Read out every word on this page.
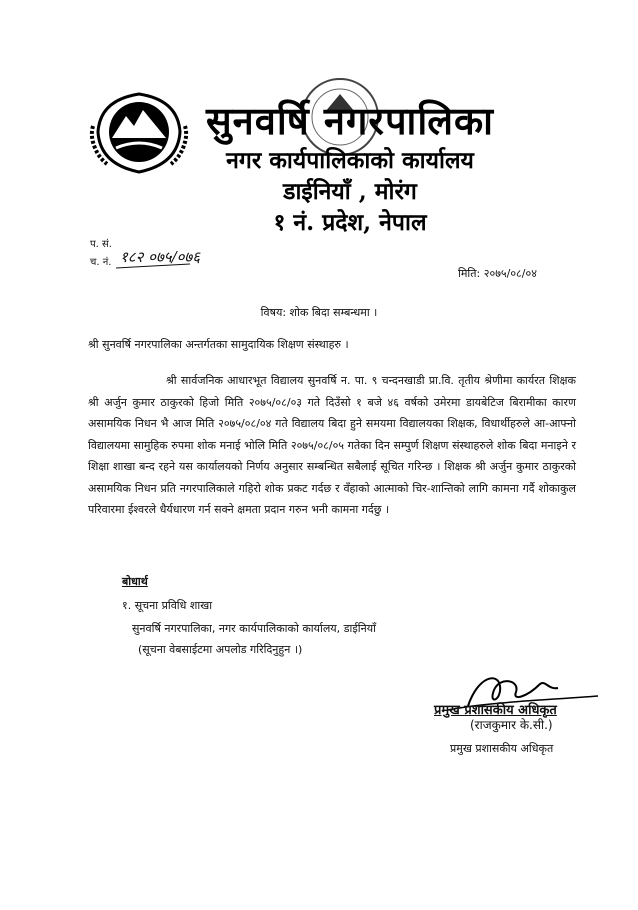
सुनवर्षि नगरपालिका
नगर कार्यपालिकाको कार्यालय
डाईनियाँ , मोरंग
१ नं. प्रदेश, नेपाल
प. सं.
च. नं. १८२ ०७५/०७६
मिति: २०७५/०८/०४
विषय: शोक बिदा सम्बन्धमा ।
श्री सुनवर्षि नगरपालिका अन्तर्गतका सामुदायिक शिक्षण संस्थाहरु ।
श्री सार्वजनिक आधारभूत विद्यालय सुनवर्षि न. पा. ९ चन्दनखाडी प्रा.वि. तृतीय श्रेणीमा कार्यरत शिक्षक श्री अर्जुन कुमार ठाकुरको हिजो मिति २०७५/०८/०३ गते दिउँसो १ बजे ४६ वर्षको उमेरमा डायबेटिज बिरामीका कारण असामयिक निधन भै आज मिति २०७५/०८/०४ गते विद्यालय बिदा हुने समयमा विद्यालयका शिक्षक, विधार्थीहरुले आ-आफ्नो विद्यालयमा सामुहिक रुपमा शोक मनाई भोलि मिति २०७५/०८/०५ गतेका दिन सम्पुर्ण शिक्षण संस्थाहरुले शोक बिदा मनाइने र शिक्षा शाखा बन्द रहने यस कार्यालयको निर्णय अनुसार सम्बन्धित सबैलाई सूचित गरिन्छ । शिक्षक श्री अर्जुन कुमार ठाकुरको असामयिक निधन प्रति नगरपालिकाले गहिरो शोक प्रकट गर्दछ र वँहाको आत्माको चिर-शान्तिको लागि कामना गर्दै शोकाकुल परिवारमा ईश्वरले धैर्यधारण गर्न सक्ने क्षमता प्रदान गरुन भनी कामना गर्दछु ।
बोधार्थ
१. सूचना प्रविधि शाखा
सुनवर्षि नगरपालिका, नगर कार्यपालिकाको कार्यालय, डाईनियाँ
(सूचना वेबसाईटमा अपलोड गरिदिनुहुन ।)
प्रमुख प्रशासकीय अधिकृत
(राजकुमार के.सी.)
प्रमुख प्रशासकीय अधिकृत
